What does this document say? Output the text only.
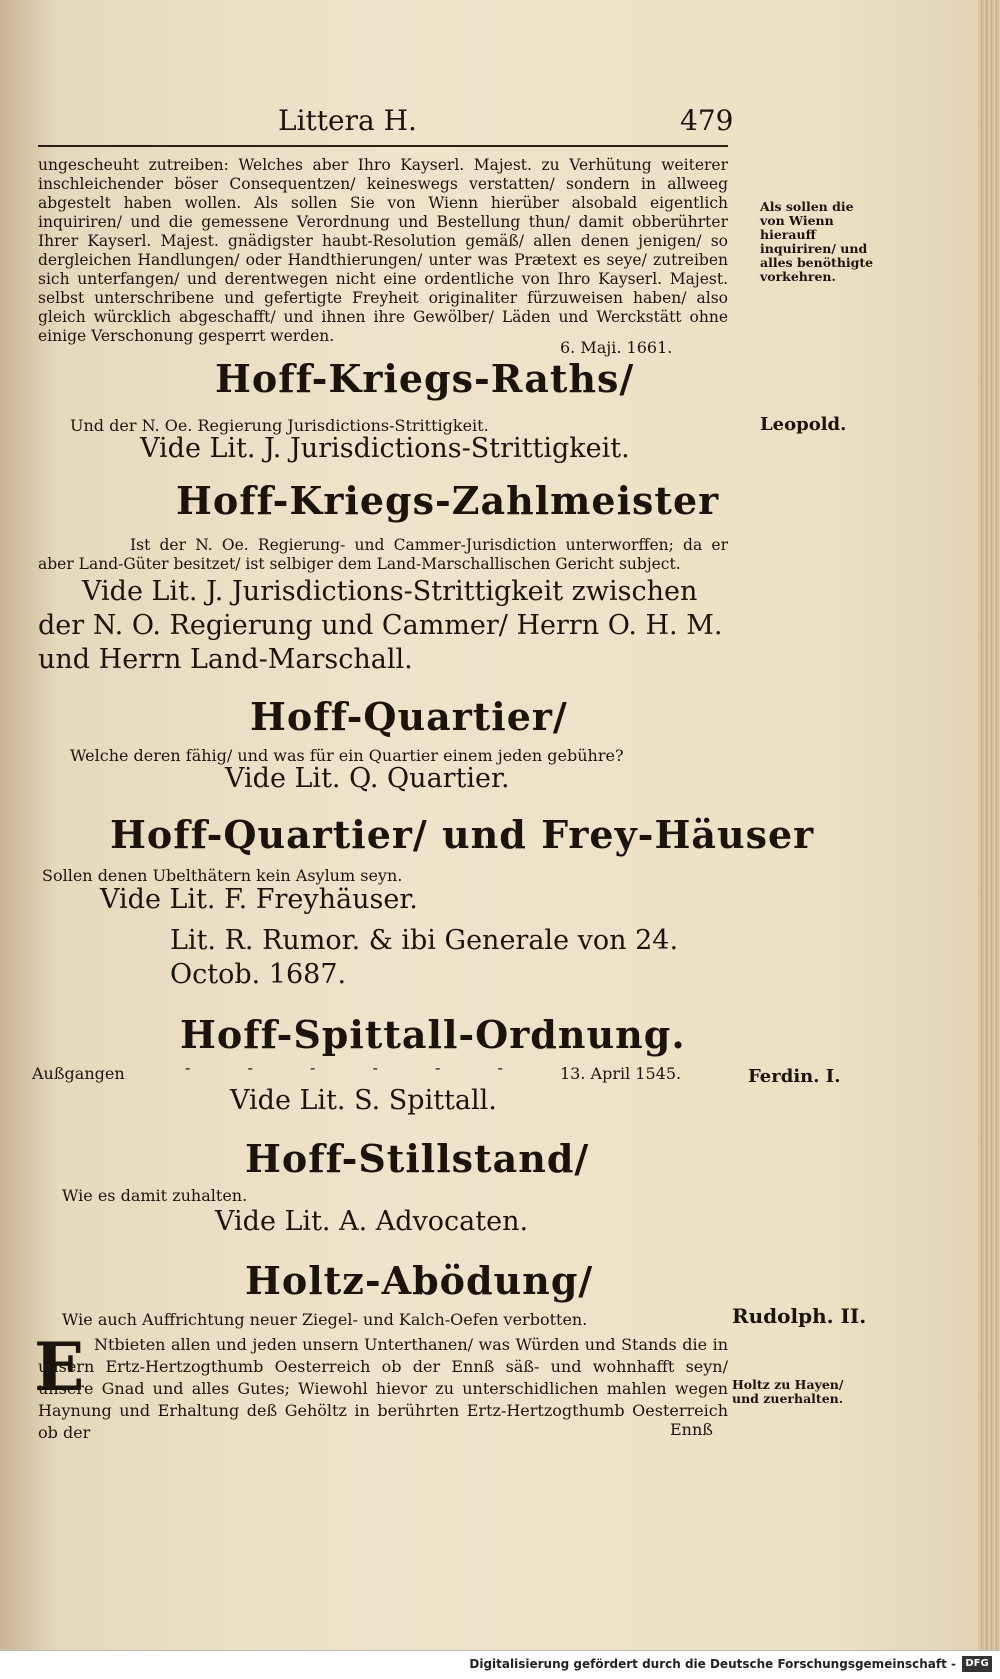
Littera H.	479
ungescheuht zutreiben: Welches aber Ihro Kayserl. Majest. zu Verhütung weiterer inschleichender böser Consequentzen/ keineswegs verstatten/ sondern in allweeg abgestelt haben wollen. Als sollen Sie von Wienn hierüber alsobald eigentlich inquiriren/ und die gemessene Verordnung und Bestellung thun/ damit obberührter Ihrer Kayserl. Majest. gnädigster haubt-Resolution gemäß/ allen denen jenigen/ so dergleichen Handlungen/ oder Handthierungen/ unter was Prætext es seye/ zutreiben sich unterfangen/ und derentwegen nicht eine ordentliche von Ihro Kayserl. Majest. selbst unterschribene und gefertigte Freyheit originaliter fürzuweisen haben/ also gleich würcklich abgeschafft/ und ihnen ihre Gewölber/ Läden und Werckstätt ohne einige Verschonung gesperrt werden.
6. Maji. 1661.
Als sollen die von Wienn hierauff inquiriren/ und alles benöthigte vorkehren.
Hoff-Kriegs-Raths/
Und der N. Oe. Regierung Jurisdictions-Strittigkeit.
Vide Lit. J. Jurisdictions-Strittigkeit.
Leopold.
Hoff-Kriegs-Zahlmeister
Ist der N. Oe. Regierung- und Cammer-Jurisdiction unterworffen; da er aber Land-Güter besitzet/ ist selbiger dem Land-Marschallischen Gericht subject.
Vide Lit. J. Jurisdictions-Strittigkeit zwischen der N. O. Regierung und Cammer/ Herrn O. H. M. und Herrn Land-Marschall.
Hoff-Quartier/
Welche deren fähig/ und was für ein Quartier einem jeden gebühre?
Vide Lit. Q. Quartier.
Hoff-Quartier/ und Frey-Häuser
Sollen denen Ubelthätern kein Asylum seyn.
Vide Lit. F. Freyhäuser.
Lit. R. Rumor. & ibi Generale von 24. Octob. 1687.
Hoff-Spittall-Ordnung.
Außgangen	- - - - - - 13. April 1545.	Ferdin. I.
Vide Lit. S. Spittall.
Hoff-Stillstand/
Wie es damit zuhalten.
Vide Lit. A. Advocaten.
Holtz-Abödung/
Wie auch Auffrichtung neuer Ziegel- und Kalch-Oefen verbotten.	Rudolph. II.
E Ntbieten allen und jeden unsern Unterthanen/ was Würden und Stands die in unsern Ertz-Hertzogthumb Oesterreich ob der Ennß säß- und wohnhafft seyn/ unsere Gnad und alles Gutes; Wiewohl hievor zu unterschidlichen mahlen wegen Haynung und Erhaltung deß Gehöltz in berührten Ertz-Hertzogthumb Oesterreich ob der	Ennß
Holtz zu Hayen/ und zuerhalten.
Digitalisierung gefördert durch die Deutsche Forschungsgemeinschaft - DFG
